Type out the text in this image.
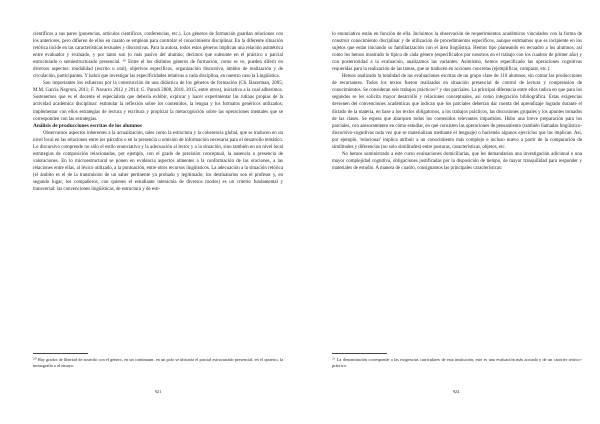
científicos a sus pares (ponencias, artículos científicos, conferencias, etc.). Los géneros de formación guardan relaciones con los anteriores, pero difieren de ellos en cuanto se emplean para controlar el conocimiento disciplinar. En la diferente situación retórica incide en las características textuales y discursivas. Para la autora, todos estos géneros implican una relación asimétrica entre evaluador y evaluado, y por tanto son (o más pasivo del alumno; decimos que subsume en el práctico o parcial estructurado o semiestructurado presencial. $^{20}$ Entre el los distintos géneros de formación, como se ve, pueden diferir en diversos aspectos: modalidad (escrito u oral), objetivos específicos, organización discursiva, ámbito de realización y de circulación, participantes. Y habrá que investigar las especificidades relativas a cada disciplina, en nuestro caso la Lingüística.

Son importantes los esfuerzos por la construcción de una didáctica de los géneros de formación (Ch. Bazerman, 2005; M.M. García Negroni, 2011; F. Navarro 2012 y 2014; G. Parodi 2008, 2010, 2015, entre otros), iniciativa a la cual adherimos. Sostenemos que es el docente el especialista que debería exhibir, explicar y hacer experimentar las rutinas propias de la actividad académica disciplinar: estimular la reflexión sobre los contenidos, la lengua y los formatos genéricos utilizados; implementar con ellos estrategias de lectura y escritura y propiciar la metacognición sobre las operaciones mentales que se corresponden con las estrategias.

Análisis de producciones escritas de los alumnos

Observamos aspectos inherentes a la actualización, tales como la estructura y la coherencia global, que se traducen en un nivel local en las relaciones entre los párrafos o en la presencia u omisión de información necesaria para el desarrollo temático. Lo discursivo comprende no sólo el estilo enunciativo y la adecuación al lector y a la situación, sino también en un nivel local estrategias de composición relacionadas, por ejemplo, con el grado de precisión conceptual, la ausencia o presencia de valoraciones. En lo microestructural se ponen en evidencia aspectos atinentes a la conformación de las oraciones, a las relaciones entre ellas, al léxico utilizado, a la puntuación, entre otros recursos lingüísticos. La adecuación a la situación retórica (el ámbito es el de la transmisión de un saber pertinente ya probado y legitimado; los destinatarios son el profesor y, en segundo lugar, los compañeros, con quienes el estudiante interactúa de diversos modos) es un criterio fundamental y transversal: las convenciones lingüísticas, de estructura y de esti-

$^{20}$ Hay grados de libertad de acuerdo con el género, en un continuum: en un polo se ubicaría el parcial estructurado presencial, en el opuesto, la monografía o el ensayo.

921

lo enunciativo están en función de ella. Incluimos la observación de requerimientos académicos vinculados con la forma de construir conocimiento disciplinar y de utilización de procedimientos específicos, aunque estimamos que es incipiente en los sujetos que están iniciando su familiarización con el área lingüística. Hemos tipo planeando en recuadro a los alumnos, así como los hemos mostrado lo típico de cada género (especificados por nosotros en el trabajo con los cuadros de primer año) y con posterioridad a la evaluación, analizamos las variantes. Asimismo, hemos especificado las operaciones cognitivas requeridas para la realización de las tareas, que se traducen en acciones concretas (ejemplificar, comparar, etc.).

Hemos analizado la totalidad de las evaluaciones escritas de un grupo clase de 110 alumnos, sin contar las producciones de recursantes. Todos los textos fueron realizados en situación presencial de control de lectura y comprensión de conocimientos. Se consideran seis trabajos prácticos$^{21}$ y dos parciales. La principal diferencia entre ellos radica en que para los segundos se les solicita mayor desarrollo y relaciones conceptuales, así como integración bibliográfica. Estas exigencias devienen del convenciones académicas que indican que los parciales deberían dar cuenta del aprendizaje logrado durante el dictado de la materia, en base a los textos obligatorios, a los trabajos prácticos, las discusiones grupales y los apuntes tomados de las clases. Se espera que abarquen todos los contenidos relevantes impartidos. Hubo una breve preparación para los parciales, con asesoramiento en cómo estudiar, en qué consisten las operaciones de pensamiento (también llamadas lingüístico-discursivo-cognitivas toda vez que se materializan mediante el lenguaje) o haciendo algunos ejercicios que las implican. Así, por ejemplo, 'relacionar' implica atribuir a un conocimiento más complejo e incluso nuevo a partir de la comparación de similitudes y diferencias (no solo similitudes) entre posturas, características, objetos, etc.

No hemos suministrado a este curso evaluaciones domiciliarias, que les demandarían una investigación adicional o una mayor complejidad cognitiva, obligaciones justificadas por la disposición de tiempo, de mayor tranquilidad para responder y materiales de estudio. A manera de cuadro, consignamos las principales características:

$^{21}$ La denominación corresponde a las exigencias curriculares de esta institución, este es una evaluación más acotada y de un carácter teórico-práctico.

924
